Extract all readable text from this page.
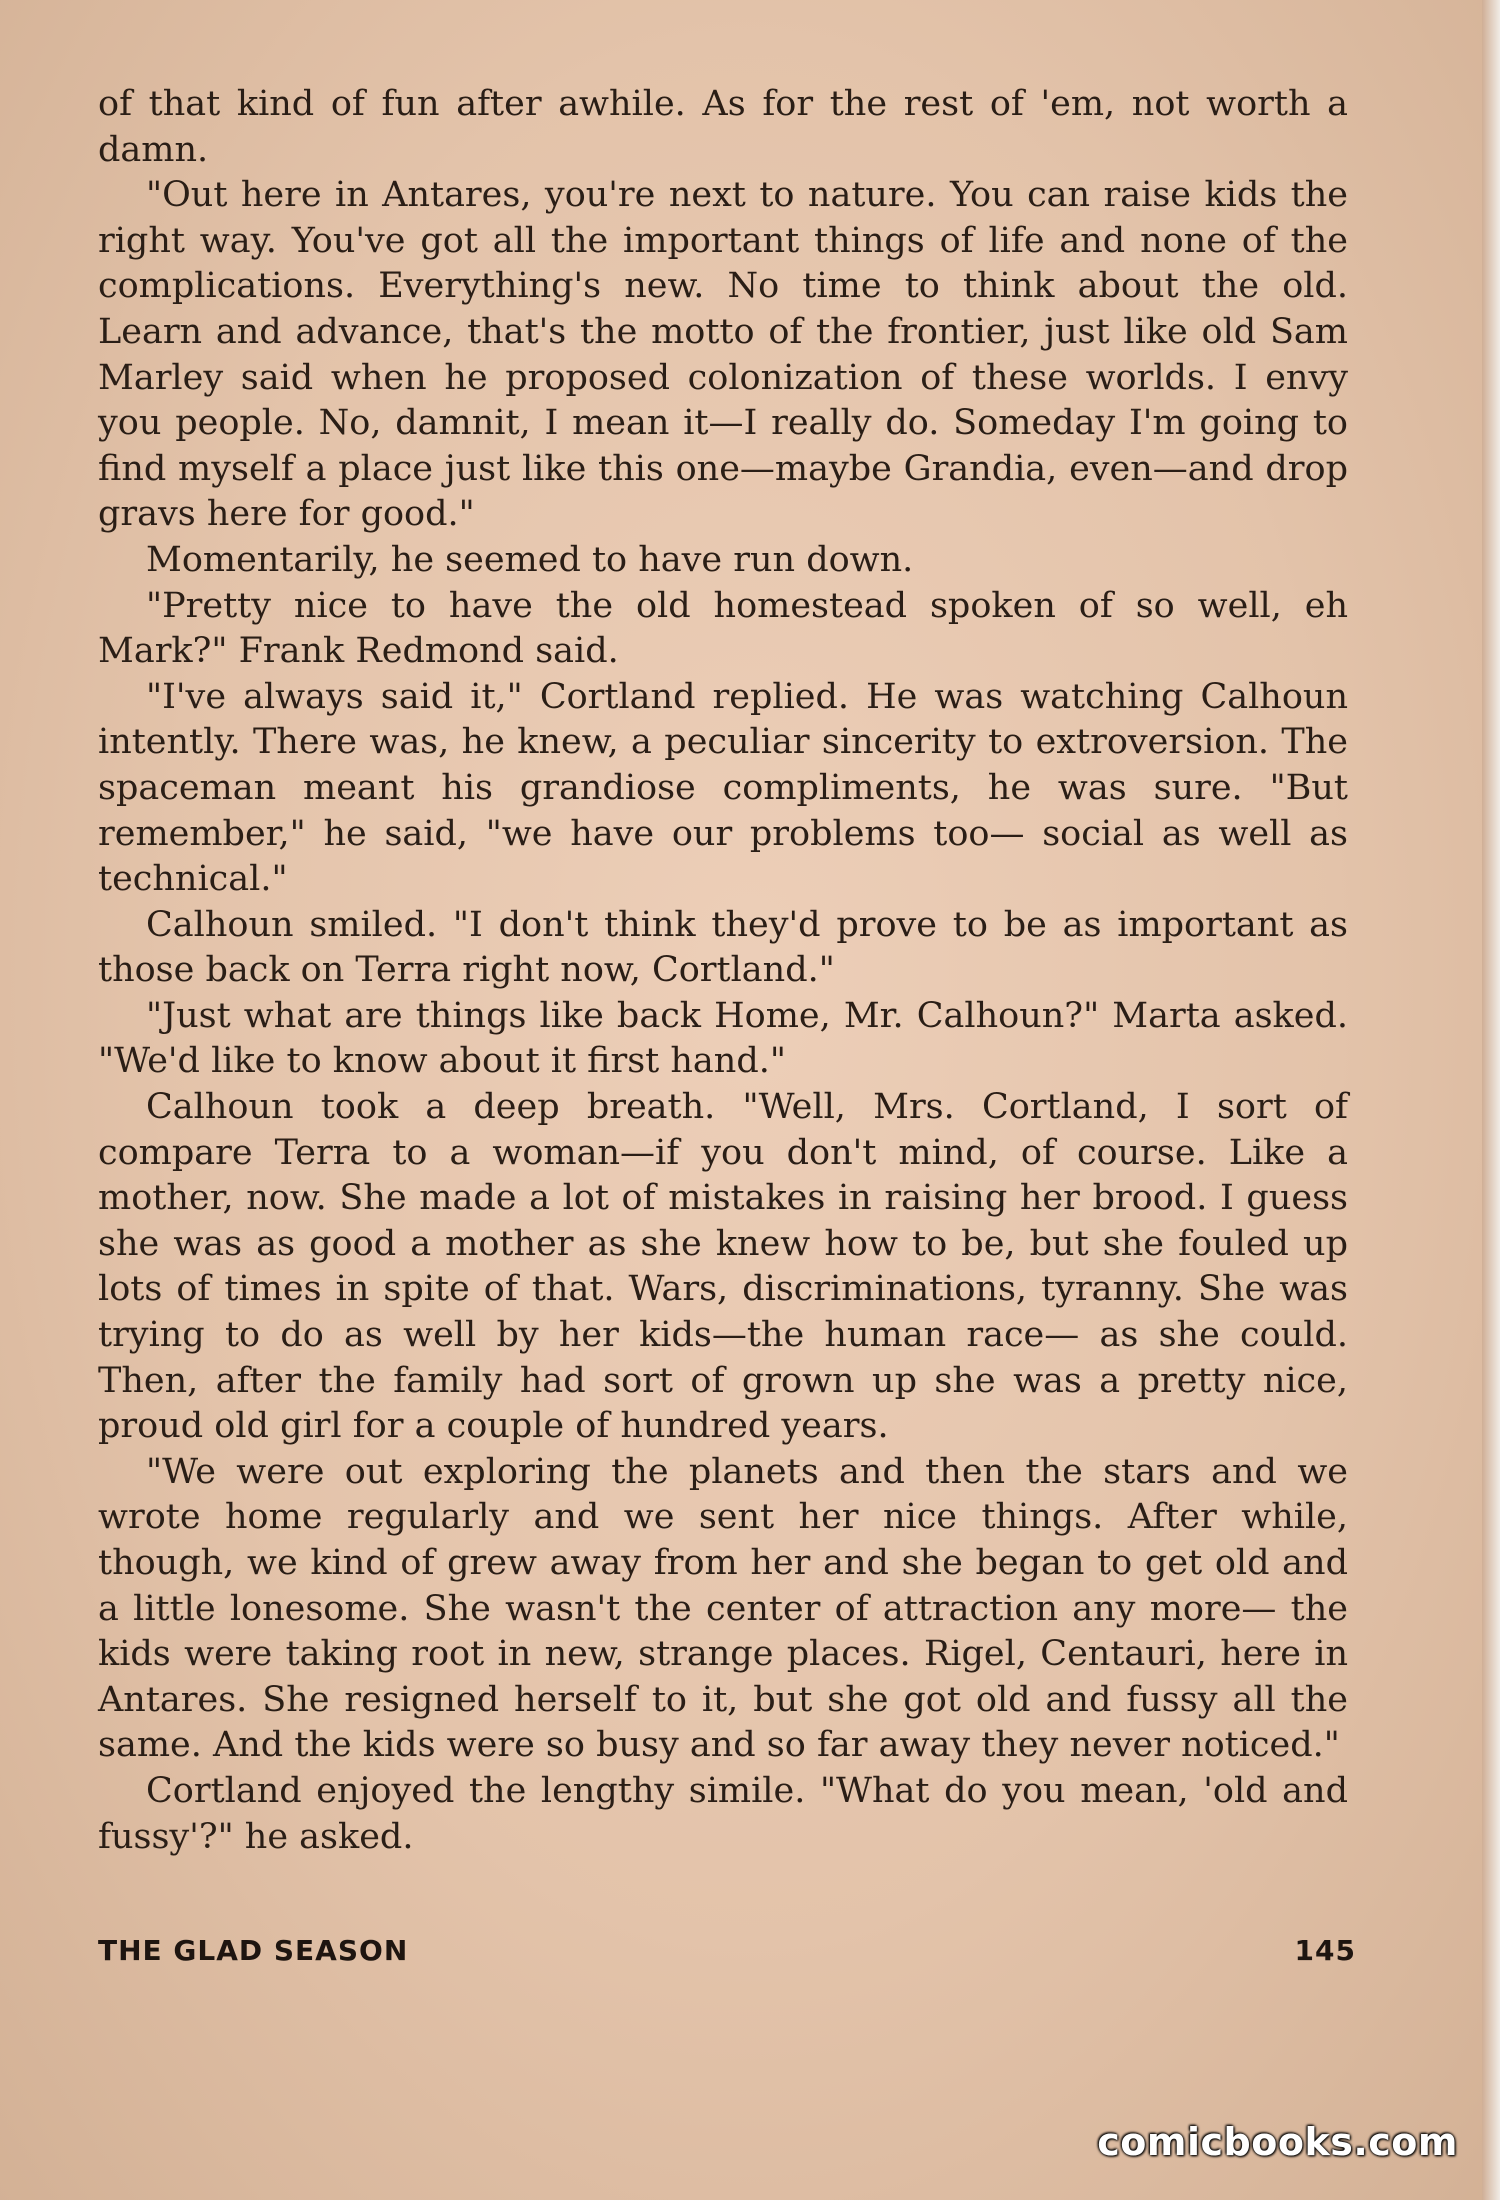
of that kind of fun after awhile. As for the rest of 'em, not worth a damn.

"Out here in Antares, you're next to nature. You can raise kids the right way. You've got all the important things of life and none of the complications. Everything's new. No time to think about the old. Learn and advance, that's the motto of the frontier, just like old Sam Marley said when he proposed colonization of these worlds. I envy you people. No, damnit, I mean it—I really do. Someday I'm going to find myself a place just like this one—maybe Grandia, even—and drop gravs here for good."

Momentarily, he seemed to have run down.

"Pretty nice to have the old homestead spoken of so well, eh Mark?" Frank Redmond said.

"I've always said it," Cortland replied. He was watching Calhoun intently. There was, he knew, a peculiar sincerity to extroversion. The spaceman meant his grandiose compliments, he was sure. "But remember," he said, "we have our problems too— social as well as technical."

Calhoun smiled. "I don't think they'd prove to be as important as those back on Terra right now, Cortland."

"Just what are things like back Home, Mr. Calhoun?" Marta asked. "We'd like to know about it first hand."

Calhoun took a deep breath. "Well, Mrs. Cortland, I sort of compare Terra to a woman—if you don't mind, of course. Like a mother, now. She made a lot of mistakes in raising her brood. I guess she was as good a mother as she knew how to be, but she fouled up lots of times in spite of that. Wars, discriminations, tyranny. She was trying to do as well by her kids—the human race— as she could. Then, after the family had sort of grown up she was a pretty nice, proud old girl for a couple of hundred years.

"We were out exploring the planets and then the stars and we wrote home regularly and we sent her nice things. After while, though, we kind of grew away from her and she began to get old and a little lonesome. She wasn't the center of attraction any more— the kids were taking root in new, strange places. Rigel, Centauri, here in Antares. She resigned herself to it, but she got old and fussy all the same. And the kids were so busy and so far away they never noticed."

Cortland enjoyed the lengthy simile. "What do you mean, 'old and fussy'?" he asked.

THE GLAD SEASON	145
comicbooks.com
